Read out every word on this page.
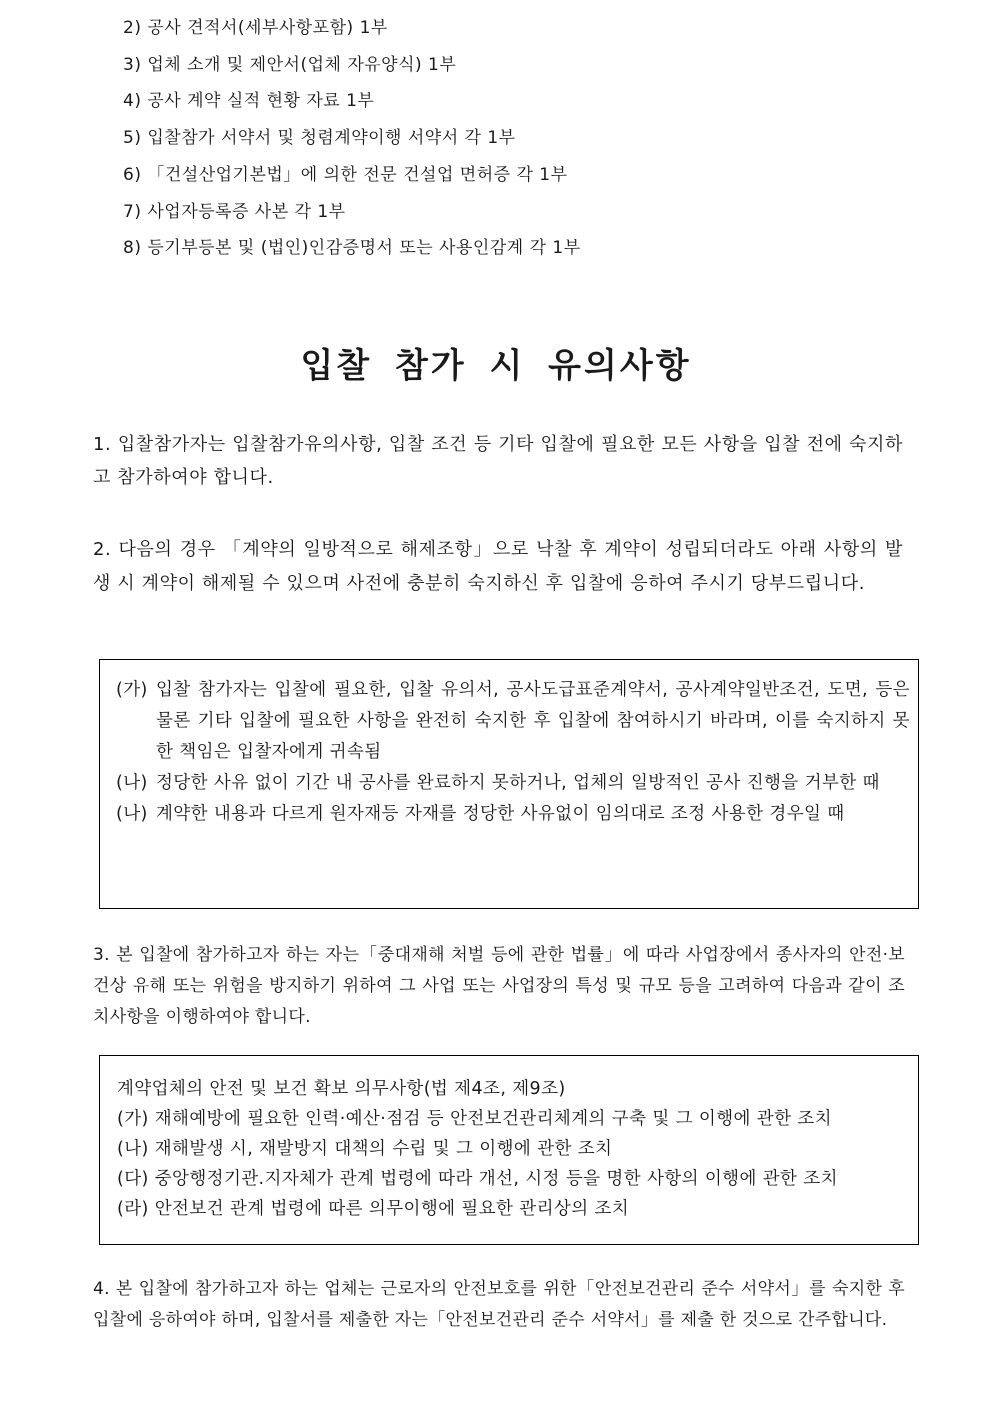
2) 공사 견적서(세부사항포함) 1부
3) 업체 소개 및 제안서(업체 자유양식) 1부
4) 공사 계약 실적 현황 자료 1부
5) 입찰참가 서약서 및 청렴계약이행 서약서 각 1부
6) 「건설산업기본법」에 의한 전문 건설업 면허증 각 1부
7) 사업자등록증 사본 각 1부
8) 등기부등본 및 (법인)인감증명서 또는 사용인감계 각 1부
입찰 참가 시 유의사항

1. 입찰참가자는 입찰참가유의사항, 입찰 조건 등 기타 입찰에 필요한 모든 사항을 입찰 전에 숙지하고 참가하여야 합니다.

2. 다음의 경우 「계약의 일방적으로 해제조항」으로 낙찰 후 계약이 성립되더라도 아래 사항의 발생 시 계약이 해제될 수 있으며 사전에 충분히 숙지하신 후 입찰에 응하여 주시기 당부드립니다.

(가) 입찰 참가자는 입찰에 필요한, 입찰 유의서, 공사도급표준계약서, 공사계약일반조건, 도면, 등은 물론 기타 입찰에 필요한 사항을 완전히 숙지한 후 입찰에 참여하시기 바라며, 이를 숙지하지 못한 책임은 입찰자에게 귀속됨
(나) 정당한 사유 없이 기간 내 공사를 완료하지 못하거나, 업체의 일방적인 공사 진행을 거부한 때
(나) 계약한 내용과 다르게 원자재등 자재를 정당한 사유없이 임의대로 조정 사용한 경우일 때

3. 본 입찰에 참가하고자 하는 자는「중대재해 처벌 등에 관한 법률」에 따라 사업장에서 종사자의 안전·보건상 유해 또는 위험을 방지하기 위하여 그 사업 또는 사업장의 특성 및 규모 등을 고려하여 다음과 같이 조치사항을 이행하여야 합니다.

계약업체의 안전 및 보건 확보 의무사항(법 제4조, 제9조)
(가) 재해예방에 필요한 인력·예산·점검 등 안전보건관리체계의 구축 및 그 이행에 관한 조치
(나) 재해발생 시, 재발방지 대책의 수립 및 그 이행에 관한 조치
(다) 중앙행정기관.지자체가 관계 법령에 따라 개선, 시정 등을 명한 사항의 이행에 관한 조치
(라) 안전보건 관계 법령에 따른 의무이행에 필요한 관리상의 조치

4. 본 입찰에 참가하고자 하는 업체는 근로자의 안전보호를 위한「안전보건관리 준수 서약서」를 숙지한 후 입찰에 응하여야 하며, 입찰서를 제출한 자는「안전보건관리 준수 서약서」를 제출 한 것으로 간주합니다.
